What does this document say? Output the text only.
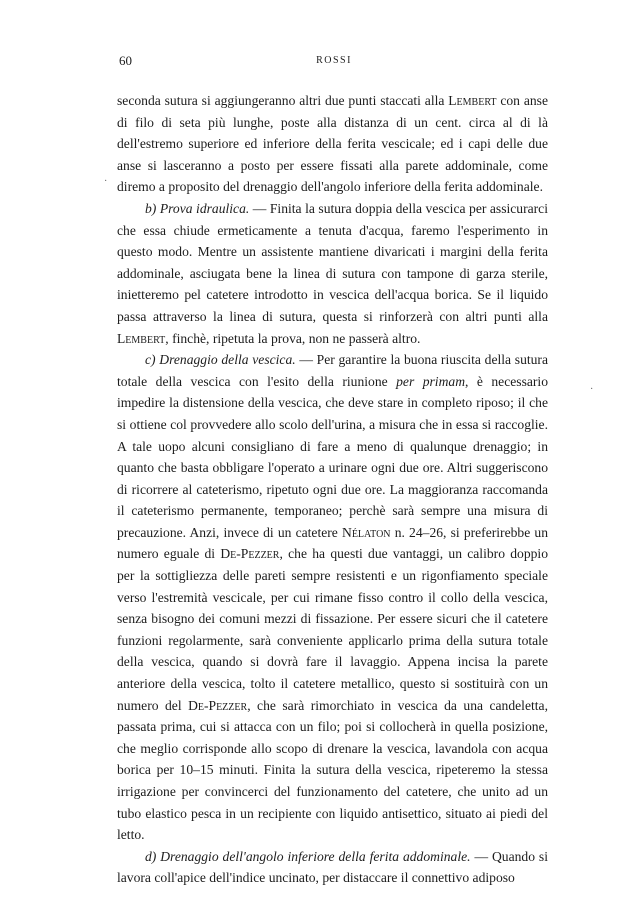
60	ROSSI
·
·

seconda sutura si aggiungeranno altri due punti staccati alla Lembert con anse di filo di seta più lunghe, poste alla distanza di un cent. circa al di là dell'estremo superiore ed inferiore della ferita vescicale; ed i capi delle due anse si lasceranno a posto per essere fissati alla parete addominale, come diremo a proposito del drenaggio dell'angolo inferiore della ferita addominale.

b) Prova idraulica. — Finita la sutura doppia della vescica per assicurarci che essa chiude ermeticamente a tenuta d'acqua, faremo l'esperimento in questo modo. Mentre un assistente mantiene divaricati i margini della ferita addominale, asciugata bene la linea di sutura con tampone di garza sterile, inietteremo pel catetere introdotto in vescica dell'acqua borica. Se il liquido passa attraverso la linea di sutura, questa si rinforzerà con altri punti alla Lembert, finchè, ripetuta la prova, non ne passerà altro.

c) Drenaggio della vescica. — Per garantire la buona riuscita della sutura totale della vescica con l'esito della riunione per primam, è necessario impedire la distensione della vescica, che deve stare in completo riposo; il che si ottiene col provvedere allo scolo dell'urina, a misura che in essa si raccoglie. A tale uopo alcuni consigliano di fare a meno di qualunque drenaggio; in quanto che basta obbligare l'operato a urinare ogni due ore. Altri suggeriscono di ricorrere al cateterismo, ripetuto ogni due ore. La maggioranza raccomanda il cateterismo permanente, temporaneo; perchè sarà sempre una misura di precauzione. Anzi, invece di un catetere Nélaton n. 24–26, si preferirebbe un numero eguale di De-Pezzer, che ha questi due vantaggi, un calibro doppio per la sottigliezza delle pareti sempre resistenti e un rigonfiamento speciale verso l'estremità vescicale, per cui rimane fisso contro il collo della vescica, senza bisogno dei comuni mezzi di fissazione. Per essere sicuri che il catetere funzioni regolarmente, sarà conveniente applicarlo prima della sutura totale della vescica, quando si dovrà fare il lavaggio. Appena incisa la parete anteriore della vescica, tolto il catetere metallico, questo si sostituirà con un numero del De-Pezzer, che sarà rimorchiato in vescica da una candeletta, passata prima, cui si attacca con un filo; poi si collocherà in quella posizione, che meglio corrisponde allo scopo di drenare la vescica, lavandola con acqua borica per 10–15 minuti. Finita la sutura della vescica, ripeteremo la stessa irrigazione per convincerci del funzionamento del catetere, che unito ad un tubo elastico pesca in un recipiente con liquido antisettico, situato ai piedi del letto.

d) Drenaggio dell'angolo inferiore della ferita addominale. — Quando si lavora coll'apice dell'indice uncinato, per distaccare il connettivo adiposo
